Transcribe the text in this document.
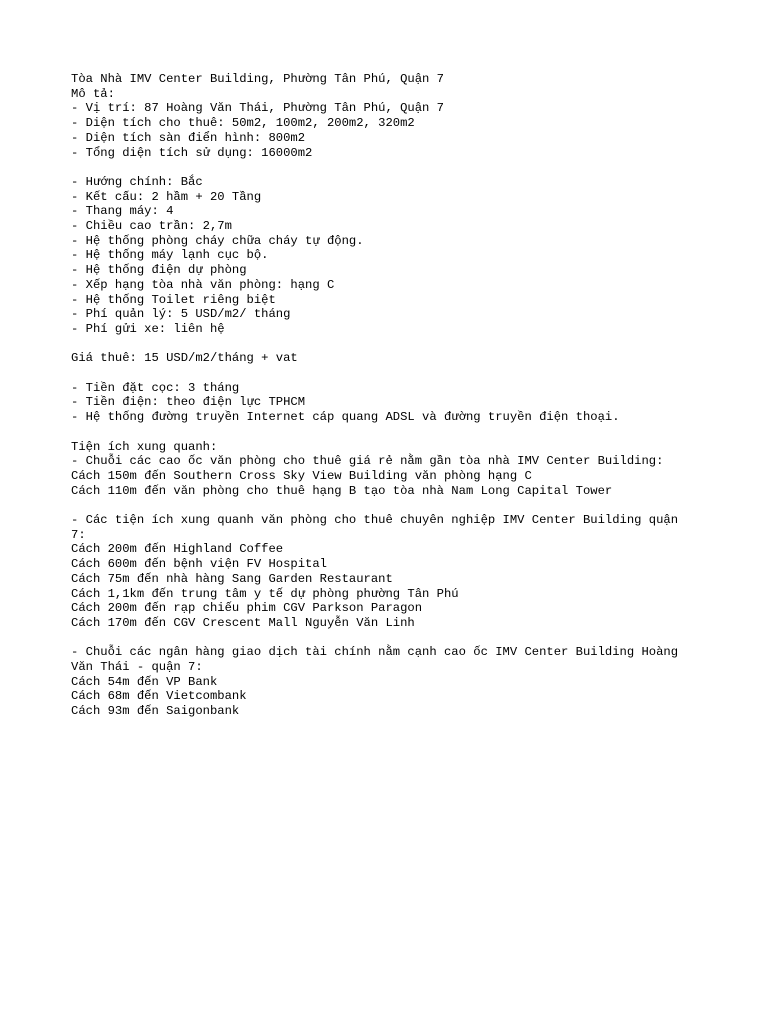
Tòa Nhà IMV Center Building, Phường Tân Phú, Quận 7
Mô tả:
- Vị trí: 87 Hoàng Văn Thái, Phường Tân Phú, Quận 7
- Diện tích cho thuê: 50m2, 100m2, 200m2, 320m2
- Diện tích sàn điển hình: 800m2
- Tổng diện tích sử dụng: 16000m2
- Hướng chính: Bắc
- Kết cấu: 2 hầm + 20 Tầng
- Thang máy: 4
- Chiều cao trần: 2,7m
- Hệ thống phòng cháy chữa cháy tự động.
- Hệ thống máy lạnh cục bộ.
- Hệ thống điện dự phòng
- Xếp hạng tòa nhà văn phòng: hạng C
- Hệ thống Toilet riêng biệt
- Phí quản lý: 5 USD/m2/ tháng
- Phí gửi xe: liên hệ
Giá thuê: 15 USD/m2/tháng + vat
- Tiền đặt cọc: 3 tháng
- Tiền điện: theo điện lực TPHCM
- Hệ thống đường truyền Internet cáp quang ADSL và đường truyền điện thoại.
Tiện ích xung quanh:
- Chuỗi các cao ốc văn phòng cho thuê giá rẻ nằm gần tòa nhà IMV Center Building:
Cách 150m đến Southern Cross Sky View Building văn phòng hạng C
Cách 110m đến văn phòng cho thuê hạng B tạo tòa nhà Nam Long Capital Tower
- Các tiện ích xung quanh văn phòng cho thuê chuyên nghiệp IMV Center Building quận
7:
Cách 200m đến Highland Coffee
Cách 600m đến bệnh viện FV Hospital
Cách 75m đến nhà hàng Sang Garden Restaurant
Cách 1,1km đến trung tâm y tế dự phòng phường Tân Phú
Cách 200m đến rạp chiếu phim CGV Parkson Paragon
Cách 170m đến CGV Crescent Mall Nguyễn Văn Linh
- Chuỗi các ngân hàng giao dịch tài chính nằm cạnh cao ốc IMV Center Building Hoàng
Văn Thái - quận 7:
Cách 54m đến VP Bank
Cách 68m đến Vietcombank
Cách 93m đến Saigonbank
